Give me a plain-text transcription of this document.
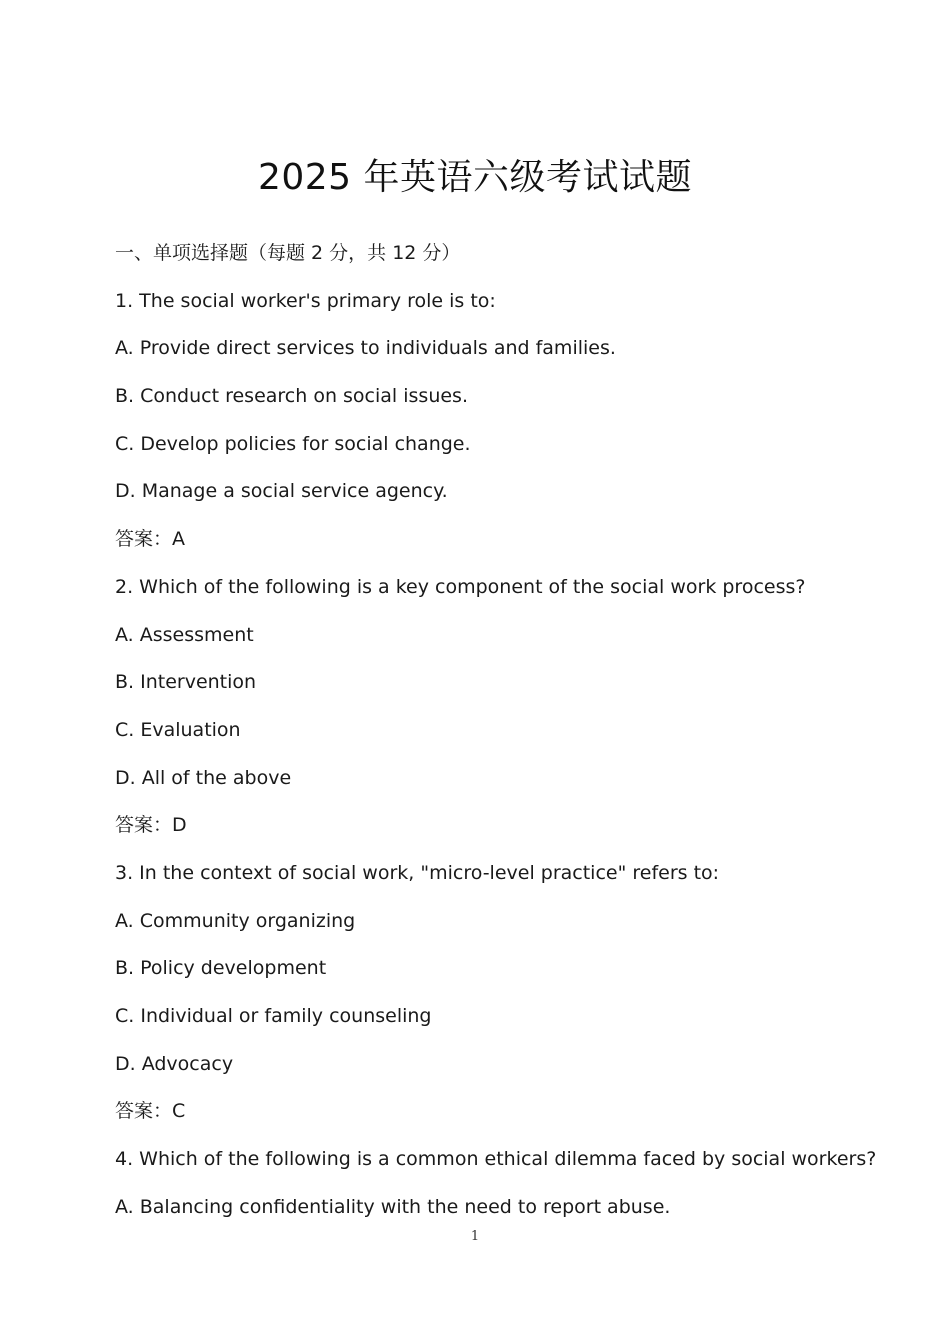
2025 年英语六级考试试题
一、单项选择题（每题 2 分，共 12 分）
1. The social worker's primary role is to:
A. Provide direct services to individuals and families.
B. Conduct research on social issues.
C. Develop policies for social change.
D. Manage a social service agency.
答案：A
2. Which of the following is a key component of the social work process?
A. Assessment
B. Intervention
C. Evaluation
D. All of the above
答案：D
3. In the context of social work, "micro-level practice" refers to:
A. Community organizing
B. Policy development
C. Individual or family counseling
D. Advocacy
答案：C
4. Which of the following is a common ethical dilemma faced by social workers?
A. Balancing confidentiality with the need to report abuse.
1
